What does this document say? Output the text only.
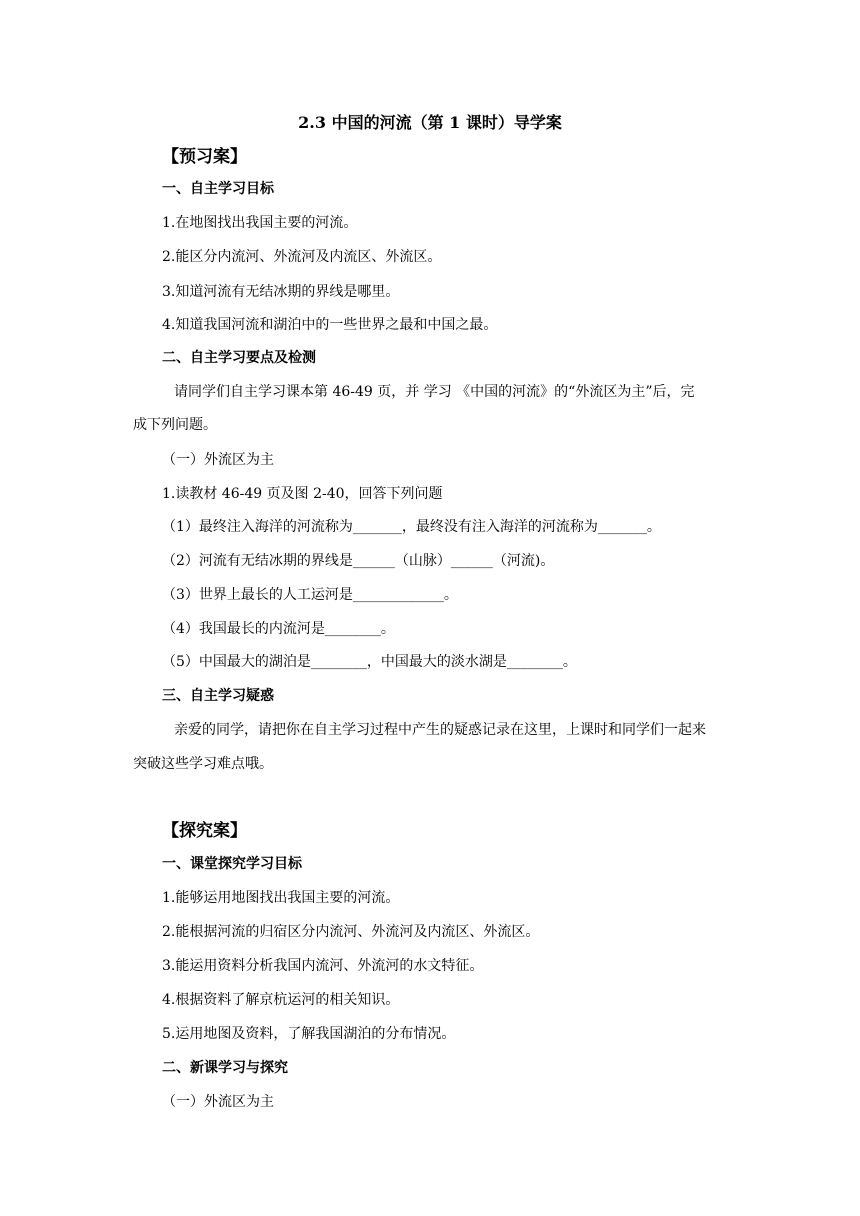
2.3 中国的河流（第 1 课时）导学案
【预习案】
一、自主学习目标
1.在地图找出我国主要的河流。
2.能区分内流河、外流河及内流区、外流区。
3.知道河流有无结冰期的界线是哪里。
4.知道我国河流和湖泊中的一些世界之最和中国之最。
二、自主学习要点及检测
请同学们自主学习课本第 46-49 页，并 学习 《中国的河流》的“外流区为主”后，完
成下列问题。
（一）外流区为主
1.读教材 46-49 页及图 2-40，回答下列问题
（1）最终注入海洋的河流称为_______，最终没有注入海洋的河流称为_______。
（2）河流有无结冰期的界线是______（山脉）______（河流)。
（3）世界上最长的人工运河是_____________。
（4）我国最长的内流河是________。
（5）中国最大的湖泊是________，中国最大的淡水湖是________。
三、自主学习疑惑
亲爱的同学，请把你在自主学习过程中产生的疑惑记录在这里，上课时和同学们一起来
突破这些学习难点哦。
【探究案】
一、课堂探究学习目标
1.能够运用地图找出我国主要的河流。
2.能根据河流的归宿区分内流河、外流河及内流区、外流区。
3.能运用资料分析我国内流河、外流河的水文特征。
4.根据资料了解京杭运河的相关知识。
5.运用地图及资料，了解我国湖泊的分布情况。
二、新课学习与探究
（一）外流区为主
